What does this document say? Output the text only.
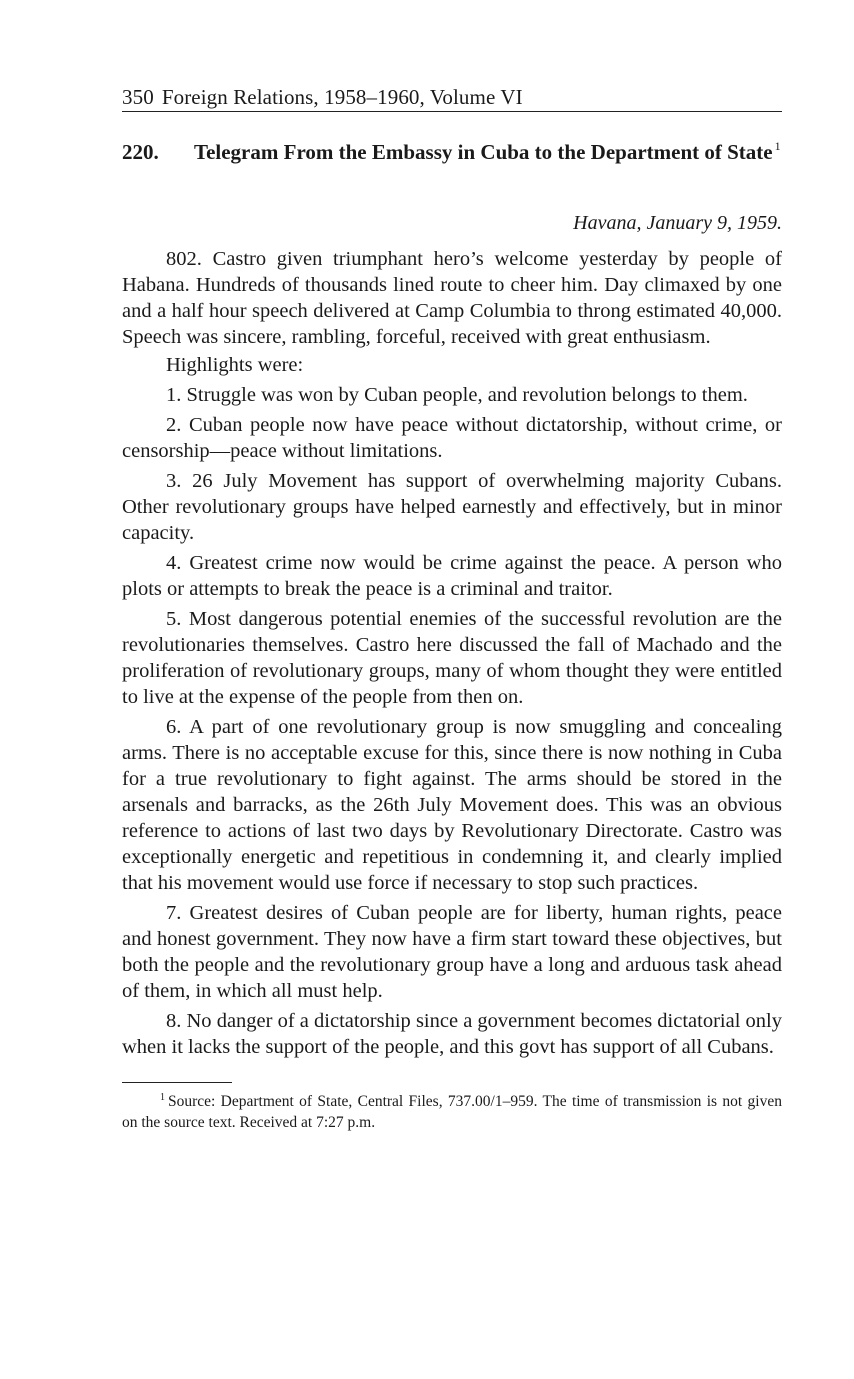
350 Foreign Relations, 1958–1960, Volume VI
220.	Telegram From the Embassy in Cuba to the Department of State $^1$
Havana, January 9, 1959.

802. Castro given triumphant hero’s welcome yesterday by people of Habana. Hundreds of thousands lined route to cheer him. Day climaxed by one and a half hour speech delivered at Camp Columbia to throng estimated 40,000. Speech was sincere, rambling, forceful, received with great enthusiasm.

Highlights were:

1. Struggle was won by Cuban people, and revolution belongs to them.

2. Cuban people now have peace without dictatorship, without crime, or censorship—peace without limitations.

3. 26 July Movement has support of overwhelming majority Cubans. Other revolutionary groups have helped earnestly and effectively, but in minor capacity.

4. Greatest crime now would be crime against the peace. A person who plots or attempts to break the peace is a criminal and traitor.

5. Most dangerous potential enemies of the successful revolution are the revolutionaries themselves. Castro here discussed the fall of Machado and the proliferation of revolutionary groups, many of whom thought they were entitled to live at the expense of the people from then on.

6. A part of one revolutionary group is now smuggling and concealing arms. There is no acceptable excuse for this, since there is now nothing in Cuba for a true revolutionary to fight against. The arms should be stored in the arsenals and barracks, as the 26th July Movement does. This was an obvious reference to actions of last two days by Revolutionary Directorate. Castro was exceptionally energetic and repetitious in condemning it, and clearly implied that his movement would use force if necessary to stop such practices.

7. Greatest desires of Cuban people are for liberty, human rights, peace and honest government. They now have a firm start toward these objectives, but both the people and the revolutionary group have a long and arduous task ahead of them, in which all must help.

8. No danger of a dictatorship since a government becomes dictatorial only when it lacks the support of the people, and this govt has support of all Cubans.

$^1$ Source: Department of State, Central Files, 737.00/1–959. The time of transmission is not given on the source text. Received at 7:27 p.m.
